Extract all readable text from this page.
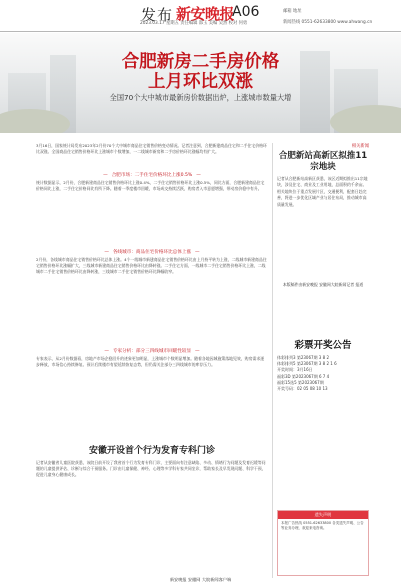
发布 新安晚报
A06
2023.03.17 星期五 责任编辑 邵玉 美编 吴然 校对 何勇
邮箱 地址
新闻热线 0551-62633800 www.ahwang.cn
合肥新房二手房价格
上月环比双涨
全国70个大中城市最新房价数据出炉，上涨城市数量大增

3月16日，国家统计局发布2023年2月份70个大中城市商品住宅销售价格变动情况。记者注意到，合肥新建商品住宅和二手住宅价格环比双涨。全国商品住宅销售价格环比上涨城市个数增加，一二线城市新房和二手房价格环比涨幅均有扩大。

— 合肥市场：二手住宅价格环比上涨0.5% —

统计数据显示，2月份，合肥新建商品住宅销售价格环比上涨0.4%，二手住宅销售价格环比上涨0.5%，同比方面，合肥新建商品住宅价格同比上涨，二手住宅价格同比有所下降。随着一季度楼市回暖，市场成交持续活跃，购房者入市意愿增强，带动房价稳中有升。

— 各线城市：商品住宅价格环比总体上涨 —

2月份，各线城市商品住宅销售价格环比总体上涨。4个一线城市新建商品住宅销售价格环比由上月持平转为上涨，二线城市新建商品住宅销售价格环比涨幅扩大，三线城市新建商品住宅销售价格环比由降转涨。二手住宅方面，一线城市二手住宅销售价格环比上涨，二线城市二手住宅销售价格环比由降转涨，三线城市二手住宅销售价格环比降幅收窄。

— 专家分析：部分三四线城市回暖性较显 —

专家表示，从2月份数据看，房地产市场企稳回升的迹象更加明显，上涨城市个数明显增加。随着各地因城施策落地见效，购房需求逐步释放，市场信心持续修复。预计后续楼市有望延续恢复态势，但仍需关注部分三四线城市的库存压力。

相关新闻
合肥新站高新区拟推11宗地块

记者从合肥新站高新区获悉，该区近期拟推出11宗地块，涉及住宅、商业及工业用地，总面积约千余亩。相关地块位于重点发展片区，交通便利，配套日趋完善，将进一步优化区域产业与居住布局，推动城市高质量发展。

本版稿件由新安晚报 安徽网大皖新闻记者 报道

彩票开奖公告
体彩排列3 第23067期 3 8 2
体彩排列5 第23067期 3 8 2 1 6
开奖时间：3月16日
福彩3D 第2023067期 6 7 4
福彩15选5 第2023067期
开奖号码：02 05 08 10 13
安徽开设首个行为发育专科门诊

记者从安徽省儿童医院获悉，该院日前开设了我省首个行为发育专科门诊，主要面向有注意缺陷、多动、情绪行为问题及发育迟缓等问题的儿童提供评估、诊断与综合干预服务。门诊由儿童保健、神经、心理等多学科专家共同坐诊，帮助家长及早发现问题、科学干预，促进儿童身心健康成长。

遗失声明
本报广告热线 0551-62633800 各类遗失声明、公告等业务办理，欢迎来电咨询。
新安晚报 安徽网 大皖新闻客户端
